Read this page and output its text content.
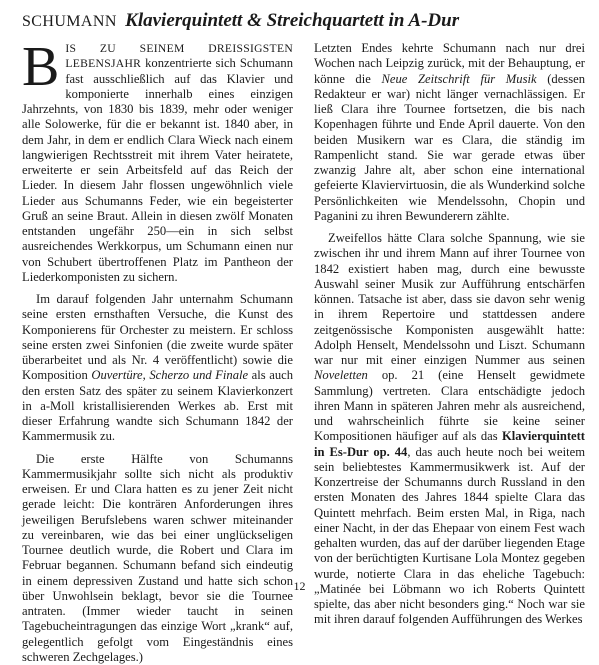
SCHUMANN Klavierquintett & Streichquartett in A-Dur

BIS ZU SEINEM DREISSIGSTEN LEBENSJAHR konzentrierte sich Schumann fast ausschließlich auf das Klavier und komponierte innerhalb eines einzigen Jahrzehnts, von 1830 bis 1839, mehr oder weniger alle Solowerke, für die er bekannt ist. 1840 aber, in dem Jahr, in dem er endlich Clara Wieck nach einem langwierigen Rechtsstreit mit ihrem Vater heiratete, erweiterte er sein Arbeitsfeld auf das Reich der Lieder. In diesem Jahr flossen ungewöhnlich viele Lieder aus Schumanns Feder, wie ein begeisterter Gruß an seine Braut. Allein in diesen zwölf Monaten entstanden ungefähr 250—ein in sich selbst ausreichendes Werkkorpus, um Schumann einen nur von Schubert übertroffenen Platz im Pantheon der Liederkomponisten zu sichern.

Im darauf folgenden Jahr unternahm Schumann seine ersten ernsthaften Versuche, die Kunst des Komponierens für Orchester zu meistern. Er schloss seine ersten zwei Sinfonien (die zweite wurde später überarbeitet und als Nr. 4 veröffentlicht) sowie die Komposition Ouvertüre, Scherzo und Finale als auch den ersten Satz des später zu seinem Klavierkonzert in a-Moll kristallisierenden Werkes ab. Erst mit dieser Erfahrung wandte sich Schumann 1842 der Kammermusik zu.

Die erste Hälfte von Schumanns Kammermusikjahr sollte sich nicht als produktiv erweisen. Er und Clara hatten es zu jener Zeit nicht gerade leicht: Die konträren Anforderungen ihres jeweiligen Berufslebens waren schwer miteinander zu vereinbaren, wie das bei einer unglückseligen Tournee deutlich wurde, die Robert und Clara im Februar begannen. Schumann befand sich eindeutig in einem depressiven Zustand und hatte sich schon über Unwohlsein beklagt, bevor sie die Tournee antraten. (Immer wieder taucht in seinen Tagebucheintragungen das einzige Wort „krank“ auf, gelegentlich gefolgt vom Eingeständnis eines schweren Zechgelages.)

Letzten Endes kehrte Schumann nach nur drei Wochen nach Leipzig zurück, mit der Behauptung, er könne die Neue Zeitschrift für Musik (dessen Redakteur er war) nicht länger vernachlässigen. Er ließ Clara ihre Tournee fortsetzen, die bis nach Kopenhagen führte und Ende April dauerte. Von den beiden Musikern war es Clara, die ständig im Rampenlicht stand. Sie war gerade etwas über zwanzig Jahre alt, aber schon eine international gefeierte Klaviervirtuosin, die als Wunderkind solche Persönlichkeiten wie Mendelssohn, Chopin und Paganini zu ihren Bewunderern zählte.

Zweifellos hätte Clara solche Spannung, wie sie zwischen ihr und ihrem Mann auf ihrer Tournee von 1842 existiert haben mag, durch eine bewusste Auswahl seiner Musik zur Aufführung entschärfen können. Tatsache ist aber, dass sie davon sehr wenig in ihrem Repertoire und stattdessen andere zeitgenössische Komponisten ausgewählt hatte: Adolph Henselt, Mendelssohn und Liszt. Schumann war nur mit einer einzigen Nummer aus seinen Noveletten op. 21 (eine Henselt gewidmete Sammlung) vertreten. Clara entschädigte jedoch ihren Mann in späteren Jahren mehr als ausreichend, und wahrscheinlich führte sie keine seiner Kompositionen häufiger auf als das Klavierquintett in Es-Dur op. 44, das auch heute noch bei weitem sein beliebtestes Kammermusikwerk ist. Auf der Konzertreise der Schumanns durch Russland in den ersten Monaten des Jahres 1844 spielte Clara das Quintett mehrfach. Beim ersten Mal, in Riga, nach einer Nacht, in der das Ehepaar von einem Fest wach gehalten wurden, das auf der darüber liegenden Etage von der berüchtigten Kurtisane Lola Montez gegeben wurde, notierte Clara in das eheliche Tagebuch: „Matinée bei Löbmann wo ich Roberts Quintett spielte, das aber nicht besonders ging.“ Noch war sie mit ihren darauf folgenden Aufführungen des Werkes

12
